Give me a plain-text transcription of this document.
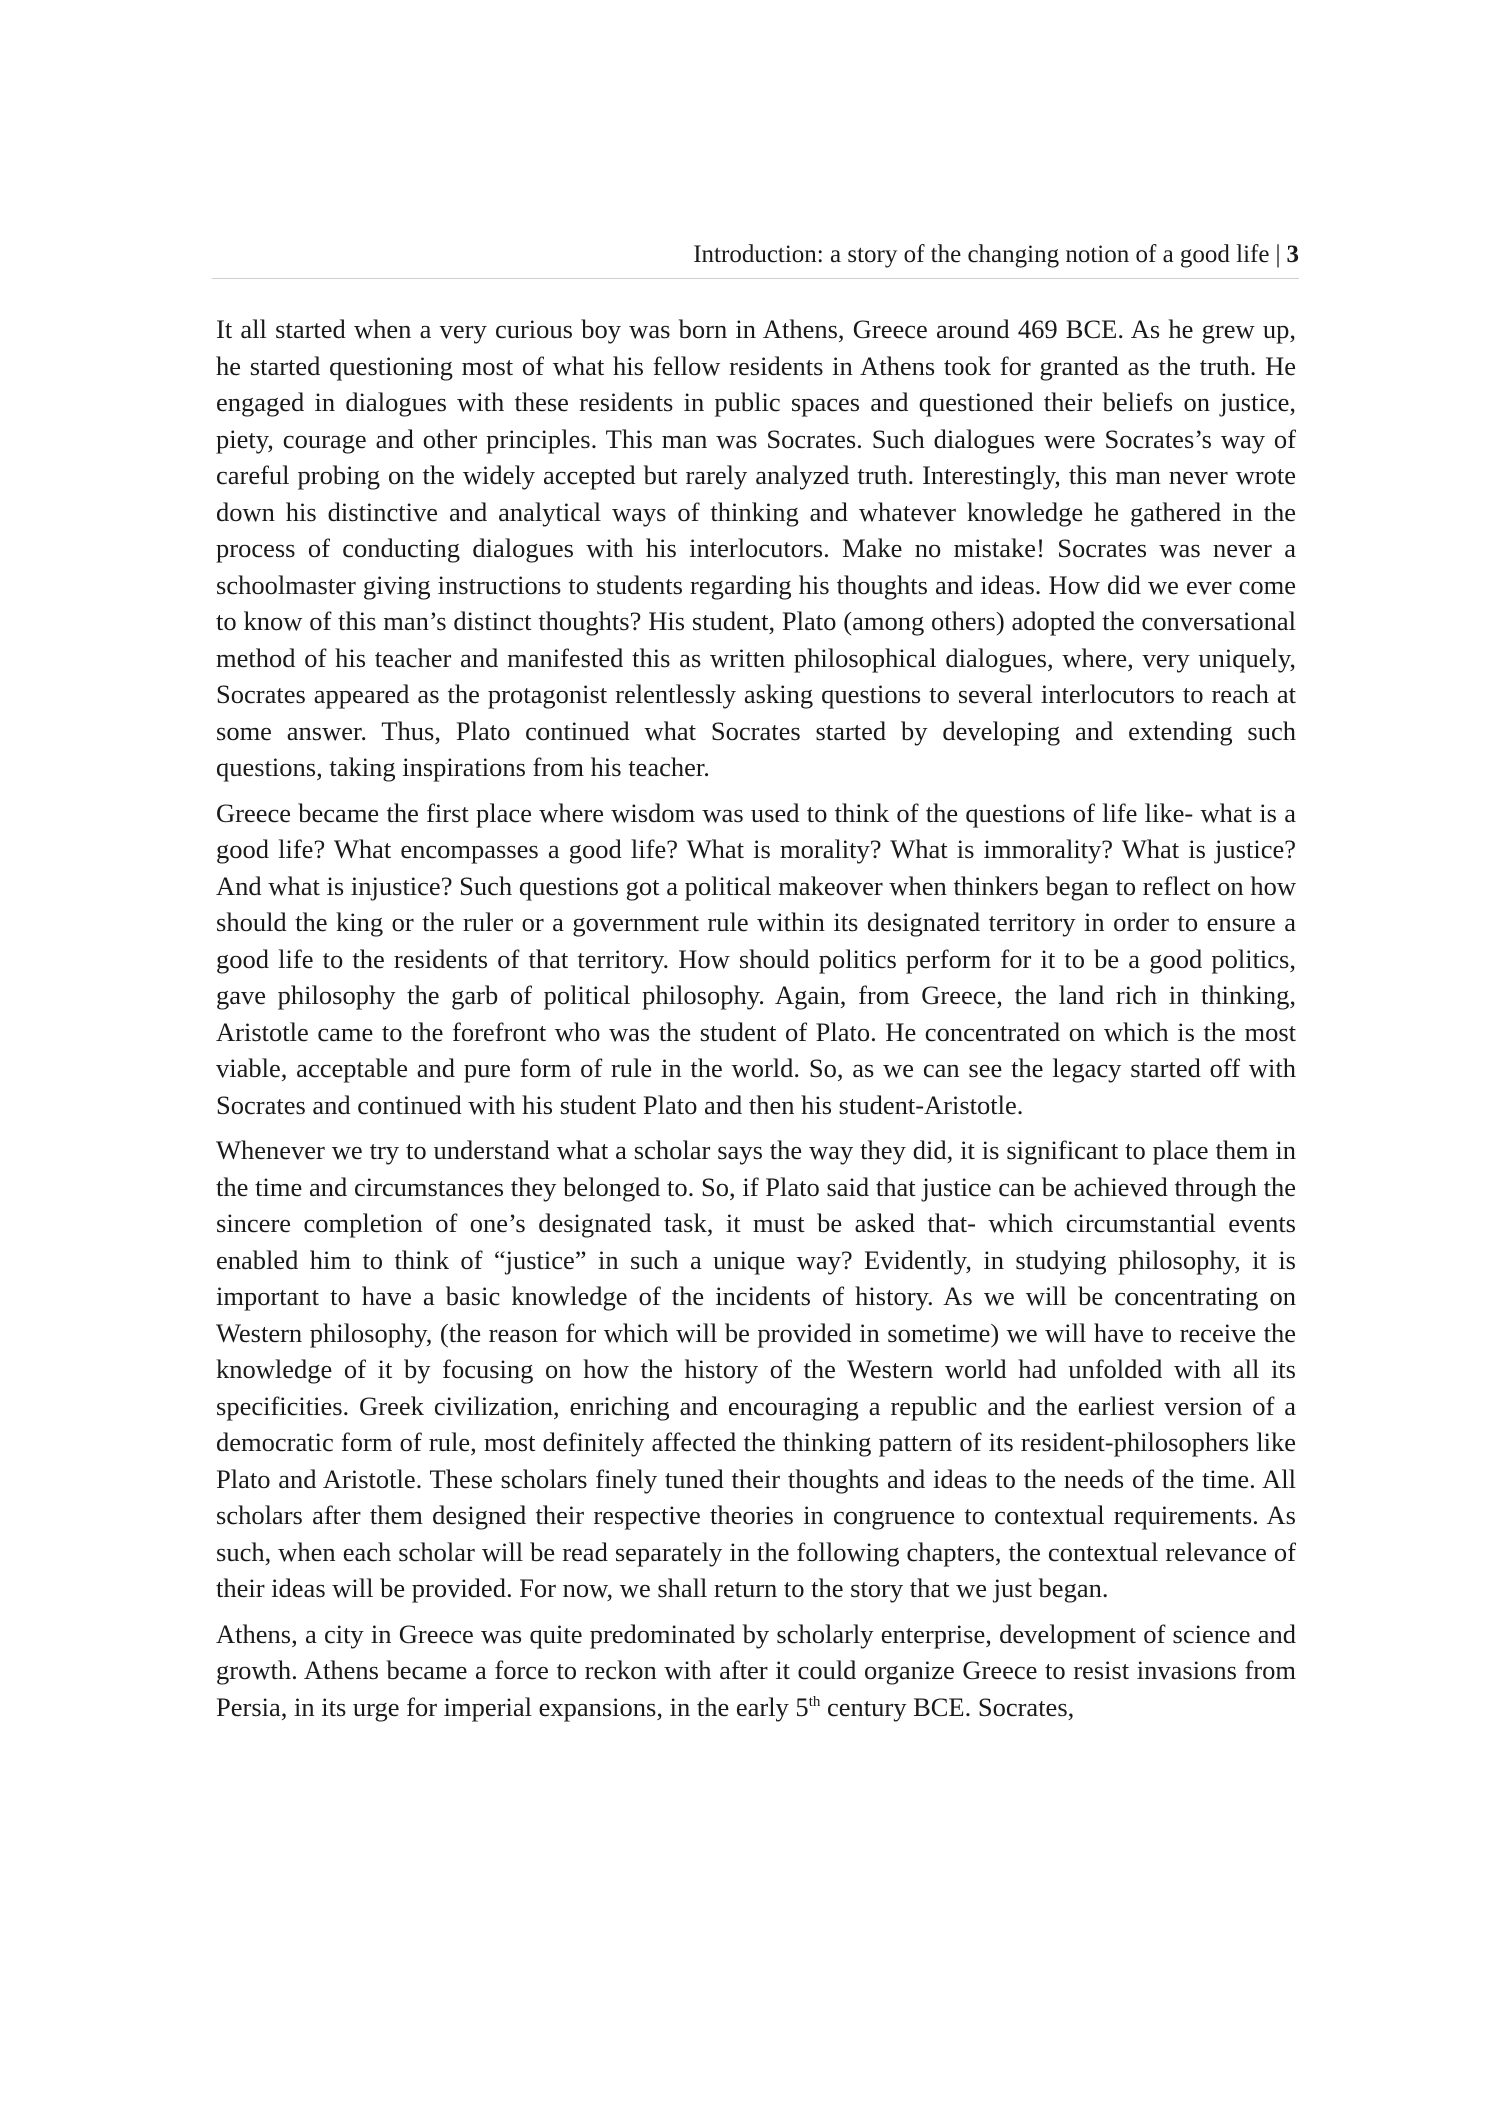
Introduction: a story of the changing notion of a good life | 3

It all started when a very curious boy was born in Athens, Greece around 469 BCE. As he grew up, he started questioning most of what his fellow residents in Athens took for granted as the truth. He engaged in dialogues with these residents in public spaces and questioned their beliefs on justice, piety, courage and other principles. This man was Socrates. Such dialogues were Socrates’s way of careful probing on the widely accepted but rarely analyzed truth. Interestingly, this man never wrote down his distinctive and analytical ways of thinking and whatever knowledge he gathered in the process of conducting dialogues with his interlocutors. Make no mistake! Socrates was never a schoolmaster giving instructions to students regarding his thoughts and ideas. How did we ever come to know of this man’s distinct thoughts? His student, Plato (among others) adopted the conversational method of his teacher and manifested this as written philosophical dialogues, where, very uniquely, Socrates appeared as the protagonist relentlessly asking questions to several interlocutors to reach at some answer. Thus, Plato continued what Socrates started by developing and extending such questions, taking inspirations from his teacher.

Greece became the first place where wisdom was used to think of the questions of life like- what is a good life? What encompasses a good life? What is morality? What is immorality? What is justice? And what is injustice? Such questions got a political makeover when thinkers began to reflect on how should the king or the ruler or a government rule within its designated territory in order to ensure a good life to the residents of that territory. How should politics perform for it to be a good politics, gave philosophy the garb of political philosophy. Again, from Greece, the land rich in thinking, Aristotle came to the forefront who was the student of Plato. He concentrated on which is the most viable, acceptable and pure form of rule in the world. So, as we can see the legacy started off with Socrates and continued with his student Plato and then his student-Aristotle.

Whenever we try to understand what a scholar says the way they did, it is significant to place them in the time and circumstances they belonged to. So, if Plato said that justice can be achieved through the sincere completion of one’s designated task, it must be asked that- which circumstantial events enabled him to think of “justice” in such a unique way? Evidently, in studying philosophy, it is important to have a basic knowledge of the incidents of history. As we will be concentrating on Western philosophy, (the reason for which will be provided in sometime) we will have to receive the knowledge of it by focusing on how the history of the Western world had unfolded with all its specificities. Greek civilization, enriching and encouraging a republic and the earliest version of a democratic form of rule, most definitely affected the thinking pattern of its resident-philosophers like Plato and Aristotle. These scholars finely tuned their thoughts and ideas to the needs of the time. All scholars after them designed their respective theories in congruence to contextual requirements. As such, when each scholar will be read separately in the following chapters, the contextual relevance of their ideas will be provided. For now, we shall return to the story that we just began.

Athens, a city in Greece was quite predominated by scholarly enterprise, development of science and growth. Athens became a force to reckon with after it could organize Greece to resist invasions from Persia, in its urge for imperial expansions, in the early 5th century BCE. Socrates,
